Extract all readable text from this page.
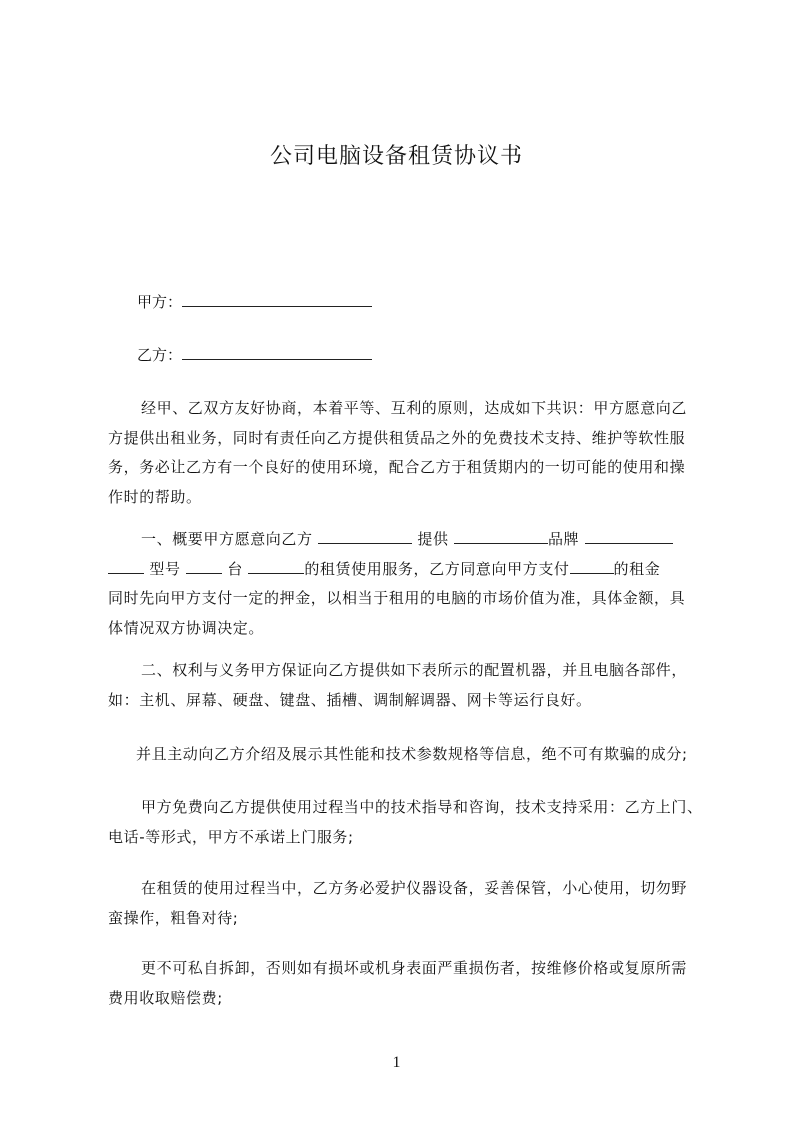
公司电脑设备租赁协议书
甲方：
乙方：
经甲、乙双方友好协商，本着平等、互利的原则，达成如下共识：甲方愿意向乙
方提供出租业务，同时有责任向乙方提供租赁品之外的免费技术支持、维护等软性服
务，务必让乙方有一个良好的使用环境，配合乙方于租赁期内的一切可能的使用和操
作时的帮助。
一、概要甲方愿意向乙方	提供	品牌
型号	台	的租赁使用服务，乙方同意向甲方支付	的租金
同时先向甲方支付一定的押金，以相当于租用的电脑的市场价值为准，具体金额，具
体情况双方协调决定。
二、权利与义务甲方保证向乙方提供如下表所示的配置机器，并且电脑各部件，
如：主机、屏幕、硬盘、键盘、插槽、调制解调器、网卡等运行良好。
并且主动向乙方介绍及展示其性能和技术参数规格等信息，绝不可有欺骗的成分;
甲方免费向乙方提供使用过程当中的技术指导和咨询，技术支持采用：乙方上门、
电话-等形式，甲方不承诺上门服务;
在租赁的使用过程当中，乙方务必爱护仪器设备，妥善保管，小心使用，切勿野
蛮操作，粗鲁对待;
更不可私自拆卸，否则如有损坏或机身表面严重损伤者，按维修价格或复原所需
费用收取赔偿费;
1
